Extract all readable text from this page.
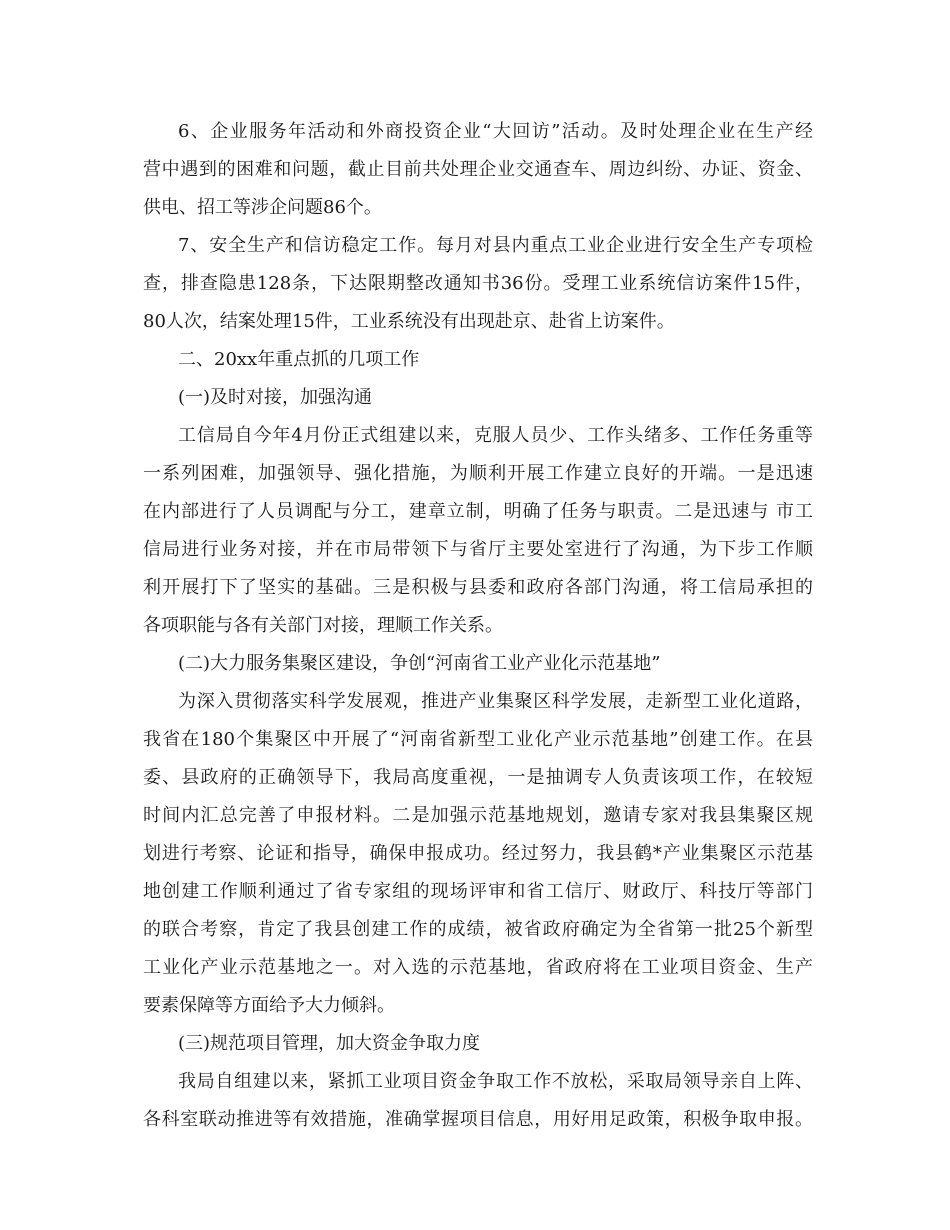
6、企业服务年活动和外商投资企业“大回访”活动。及时处理企业在生产经
营中遇到的困难和问题，截止目前共处理企业交通查车、周边纠纷、办证、资金、
供电、招工等涉企问题86个。
7、安全生产和信访稳定工作。每月对县内重点工业企业进行安全生产专项检
查，排查隐患128条，下达限期整改通知书36份。受理工业系统信访案件15件，
80人次，结案处理15件，工业系统没有出现赴京、赴省上访案件。
二、20xx年重点抓的几项工作
(一)及时对接，加强沟通
工信局自今年4月份正式组建以来，克服人员少、工作头绪多、工作任务重等
一系列困难，加强领导、强化措施，为顺利开展工作建立良好的开端。一是迅速
在内部进行了人员调配与分工，建章立制，明确了任务与职责。二是迅速与 市工
信局进行业务对接，并在市局带领下与省厅主要处室进行了沟通，为下步工作顺
利开展打下了坚实的基础。三是积极与县委和政府各部门沟通，将工信局承担的
各项职能与各有关部门对接，理顺工作关系。
(二)大力服务集聚区建设，争创“河南省工业产业化示范基地”
为深入贯彻落实科学发展观，推进产业集聚区科学发展，走新型工业化道路，
我省在180个集聚区中开展了“河南省新型工业化产业示范基地”创建工作。在县
委、县政府的正确领导下，我局高度重视，一是抽调专人负责该项工作，在较短
时间内汇总完善了申报材料。二是加强示范基地规划，邀请专家对我县集聚区规
划进行考察、论证和指导，确保申报成功。经过努力，我县鹤*产业集聚区示范基
地创建工作顺利通过了省专家组的现场评审和省工信厅、财政厅、科技厅等部门
的联合考察，肯定了我县创建工作的成绩，被省政府确定为全省第一批25个新型
工业化产业示范基地之一。对入选的示范基地，省政府将在工业项目资金、生产
要素保障等方面给予大力倾斜。
(三)规范项目管理，加大资金争取力度
我局自组建以来，紧抓工业项目资金争取工作不放松，采取局领导亲自上阵、
各科室联动推进等有效措施，准确掌握项目信息，用好用足政策，积极争取申报。
